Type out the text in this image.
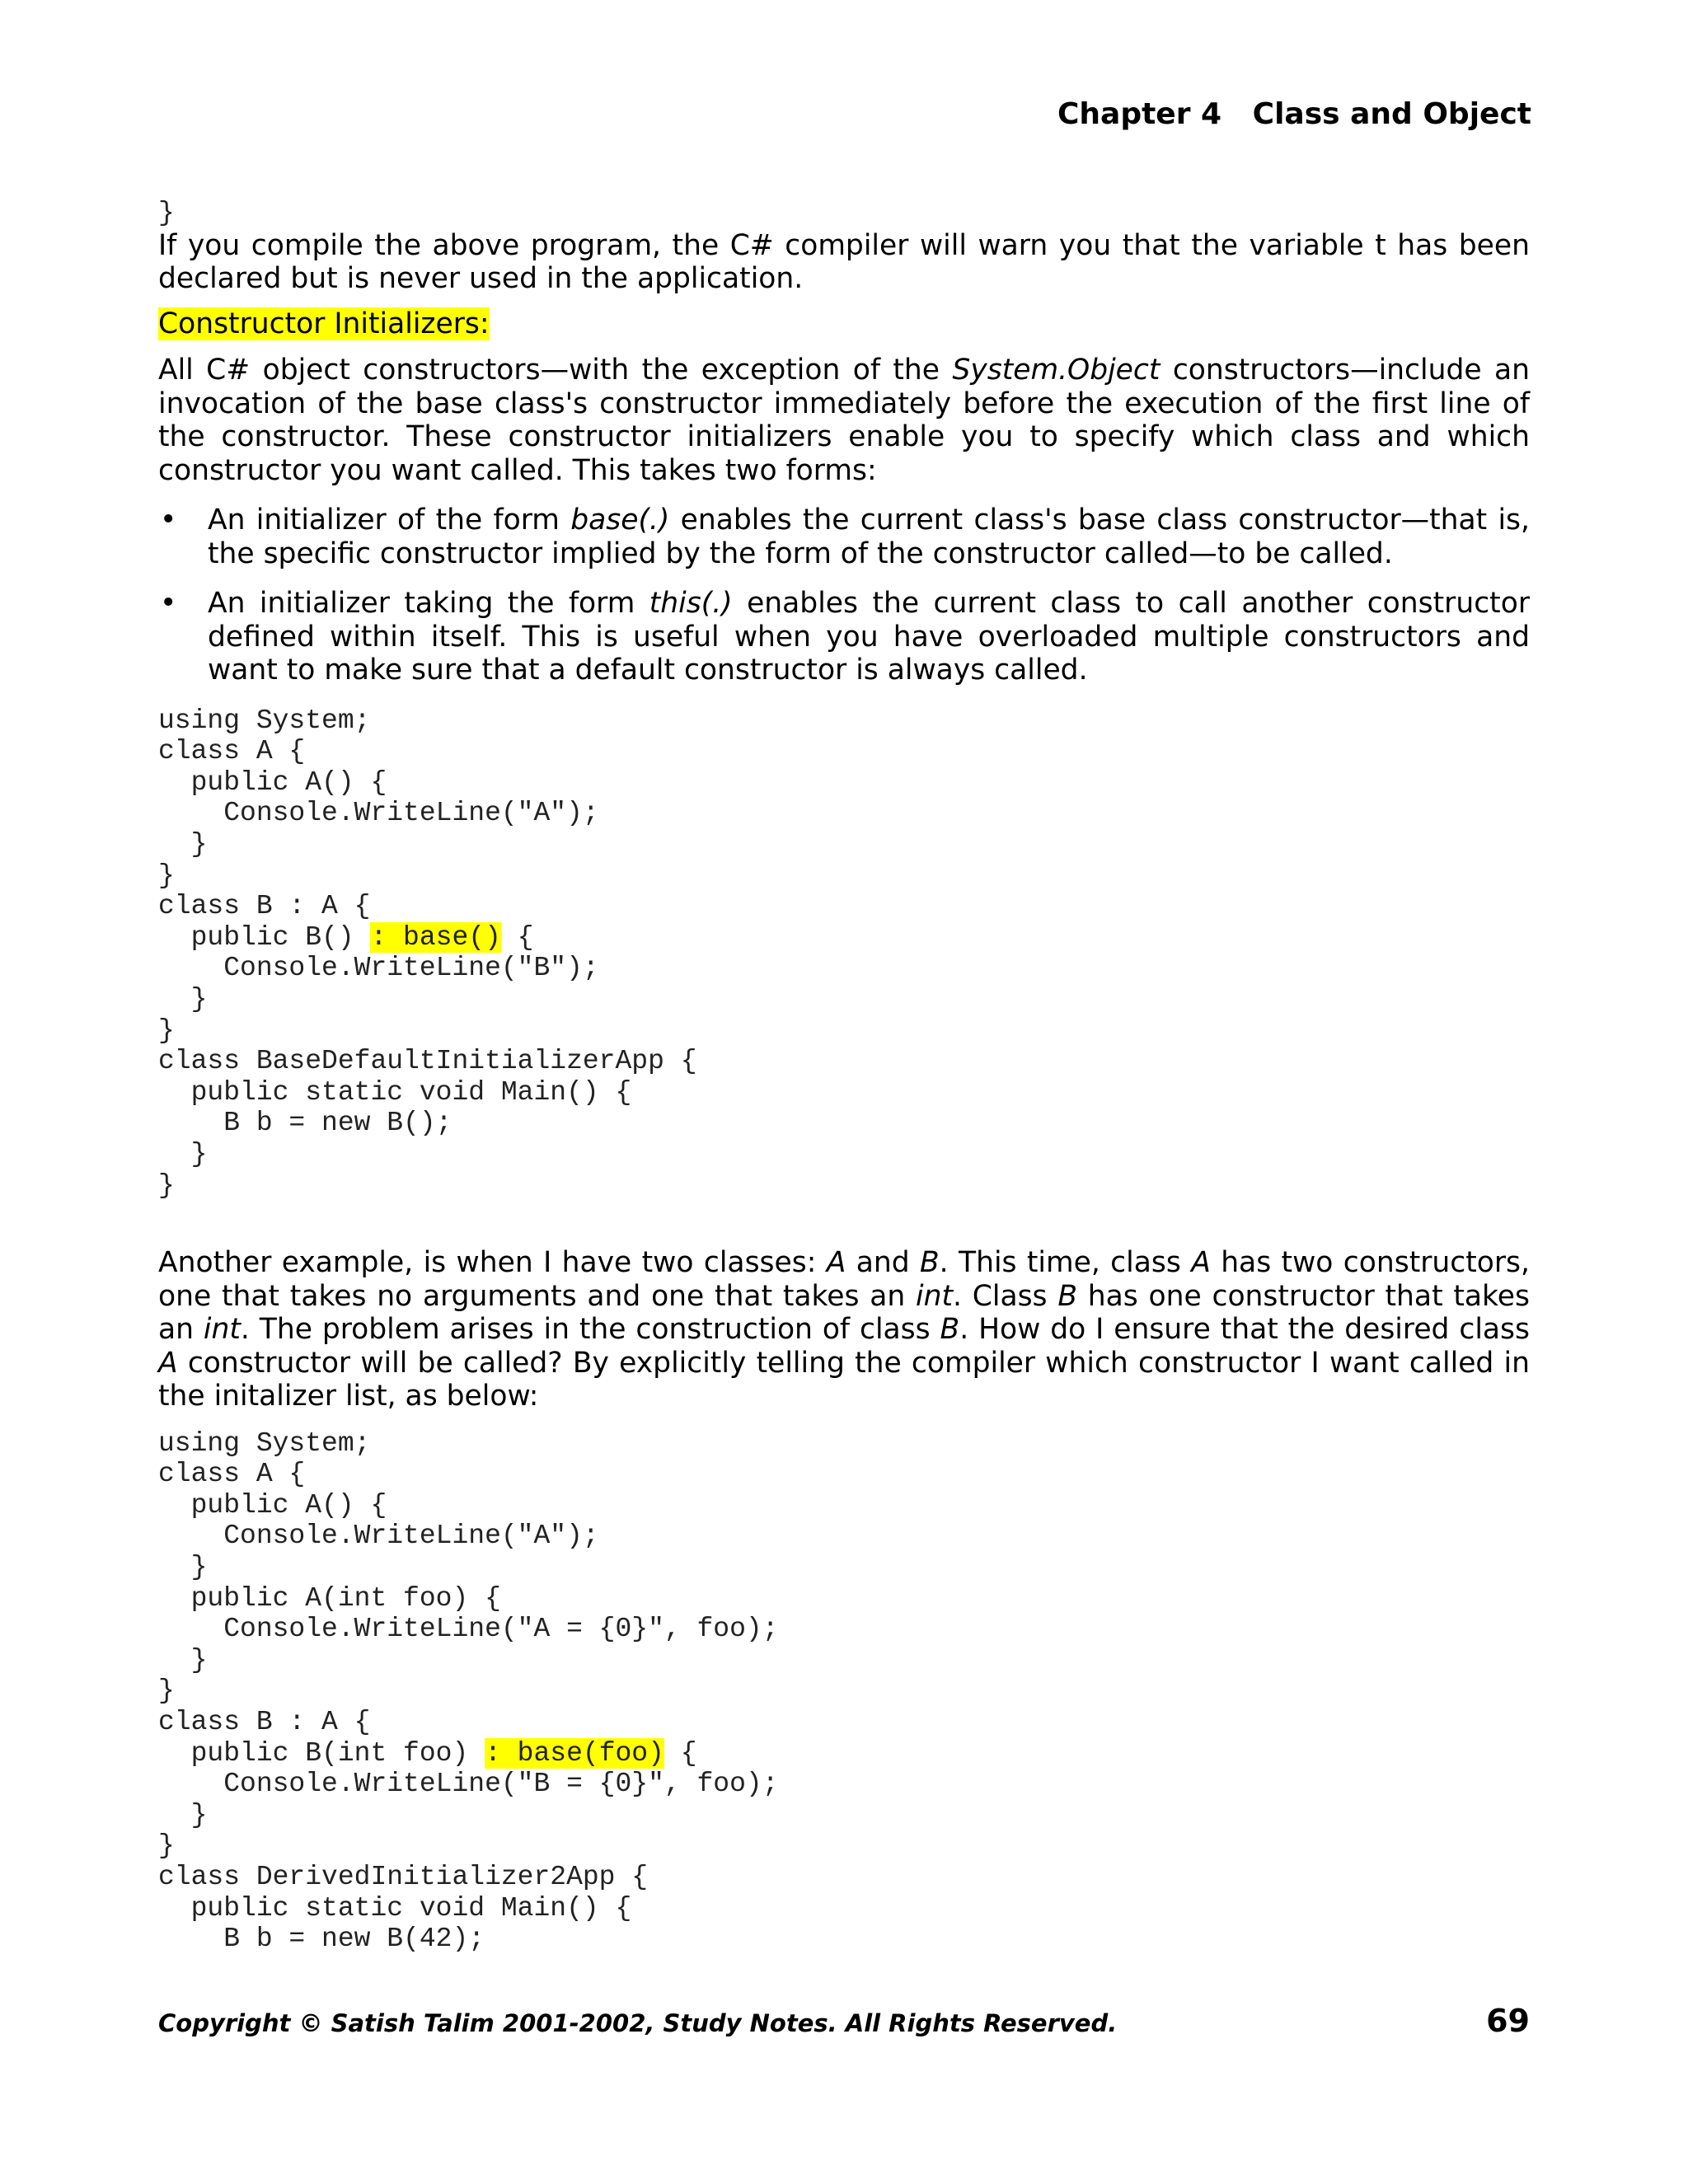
Chapter 4   Class and Object
}

If you compile the above program, the C# compiler will warn you that the variable t has been declared but is never used in the application.

Constructor Initializers:

All C# object constructors—with the exception of the System.Object constructors—include an invocation of the base class's constructor immediately before the execution of the first line of the constructor. These constructor initializers enable you to specify which class and which constructor you want called. This takes two forms:

• An initializer of the form base(.) enables the current class's base class constructor—that is, the specific constructor implied by the form of the constructor called—to be called.
• An initializer taking the form this(.) enables the current class to call another constructor defined within itself. This is useful when you have overloaded multiple constructors and want to make sure that a default constructor is always called.
using System;
class A {
public A() {
Console.WriteLine("A");
}
}
class B : A {
public B() : base() {
Console.WriteLine("B");
}
}
class BaseDefaultInitializerApp {
public static void Main() {
B b = new B();
}
}

Another example, is when I have two classes: A and B. This time, class A has two constructors, one that takes no arguments and one that takes an int. Class B has one constructor that takes an int. The problem arises in the construction of class B. How do I ensure that the desired class A constructor will be called? By explicitly telling the compiler which constructor I want called in the initalizer list, as below:

using System;
class A {
public A() {
Console.WriteLine("A");
}
public A(int foo) {
Console.WriteLine("A = {0}", foo);
}
}
class B : A {
public B(int foo) : base(foo) {
Console.WriteLine("B = {0}", foo);
}
}
class DerivedInitializer2App {
public static void Main() {
B b = new B(42);
Copyright © Satish Talim 2001-2002, Study Notes. All Rights Reserved.	69
